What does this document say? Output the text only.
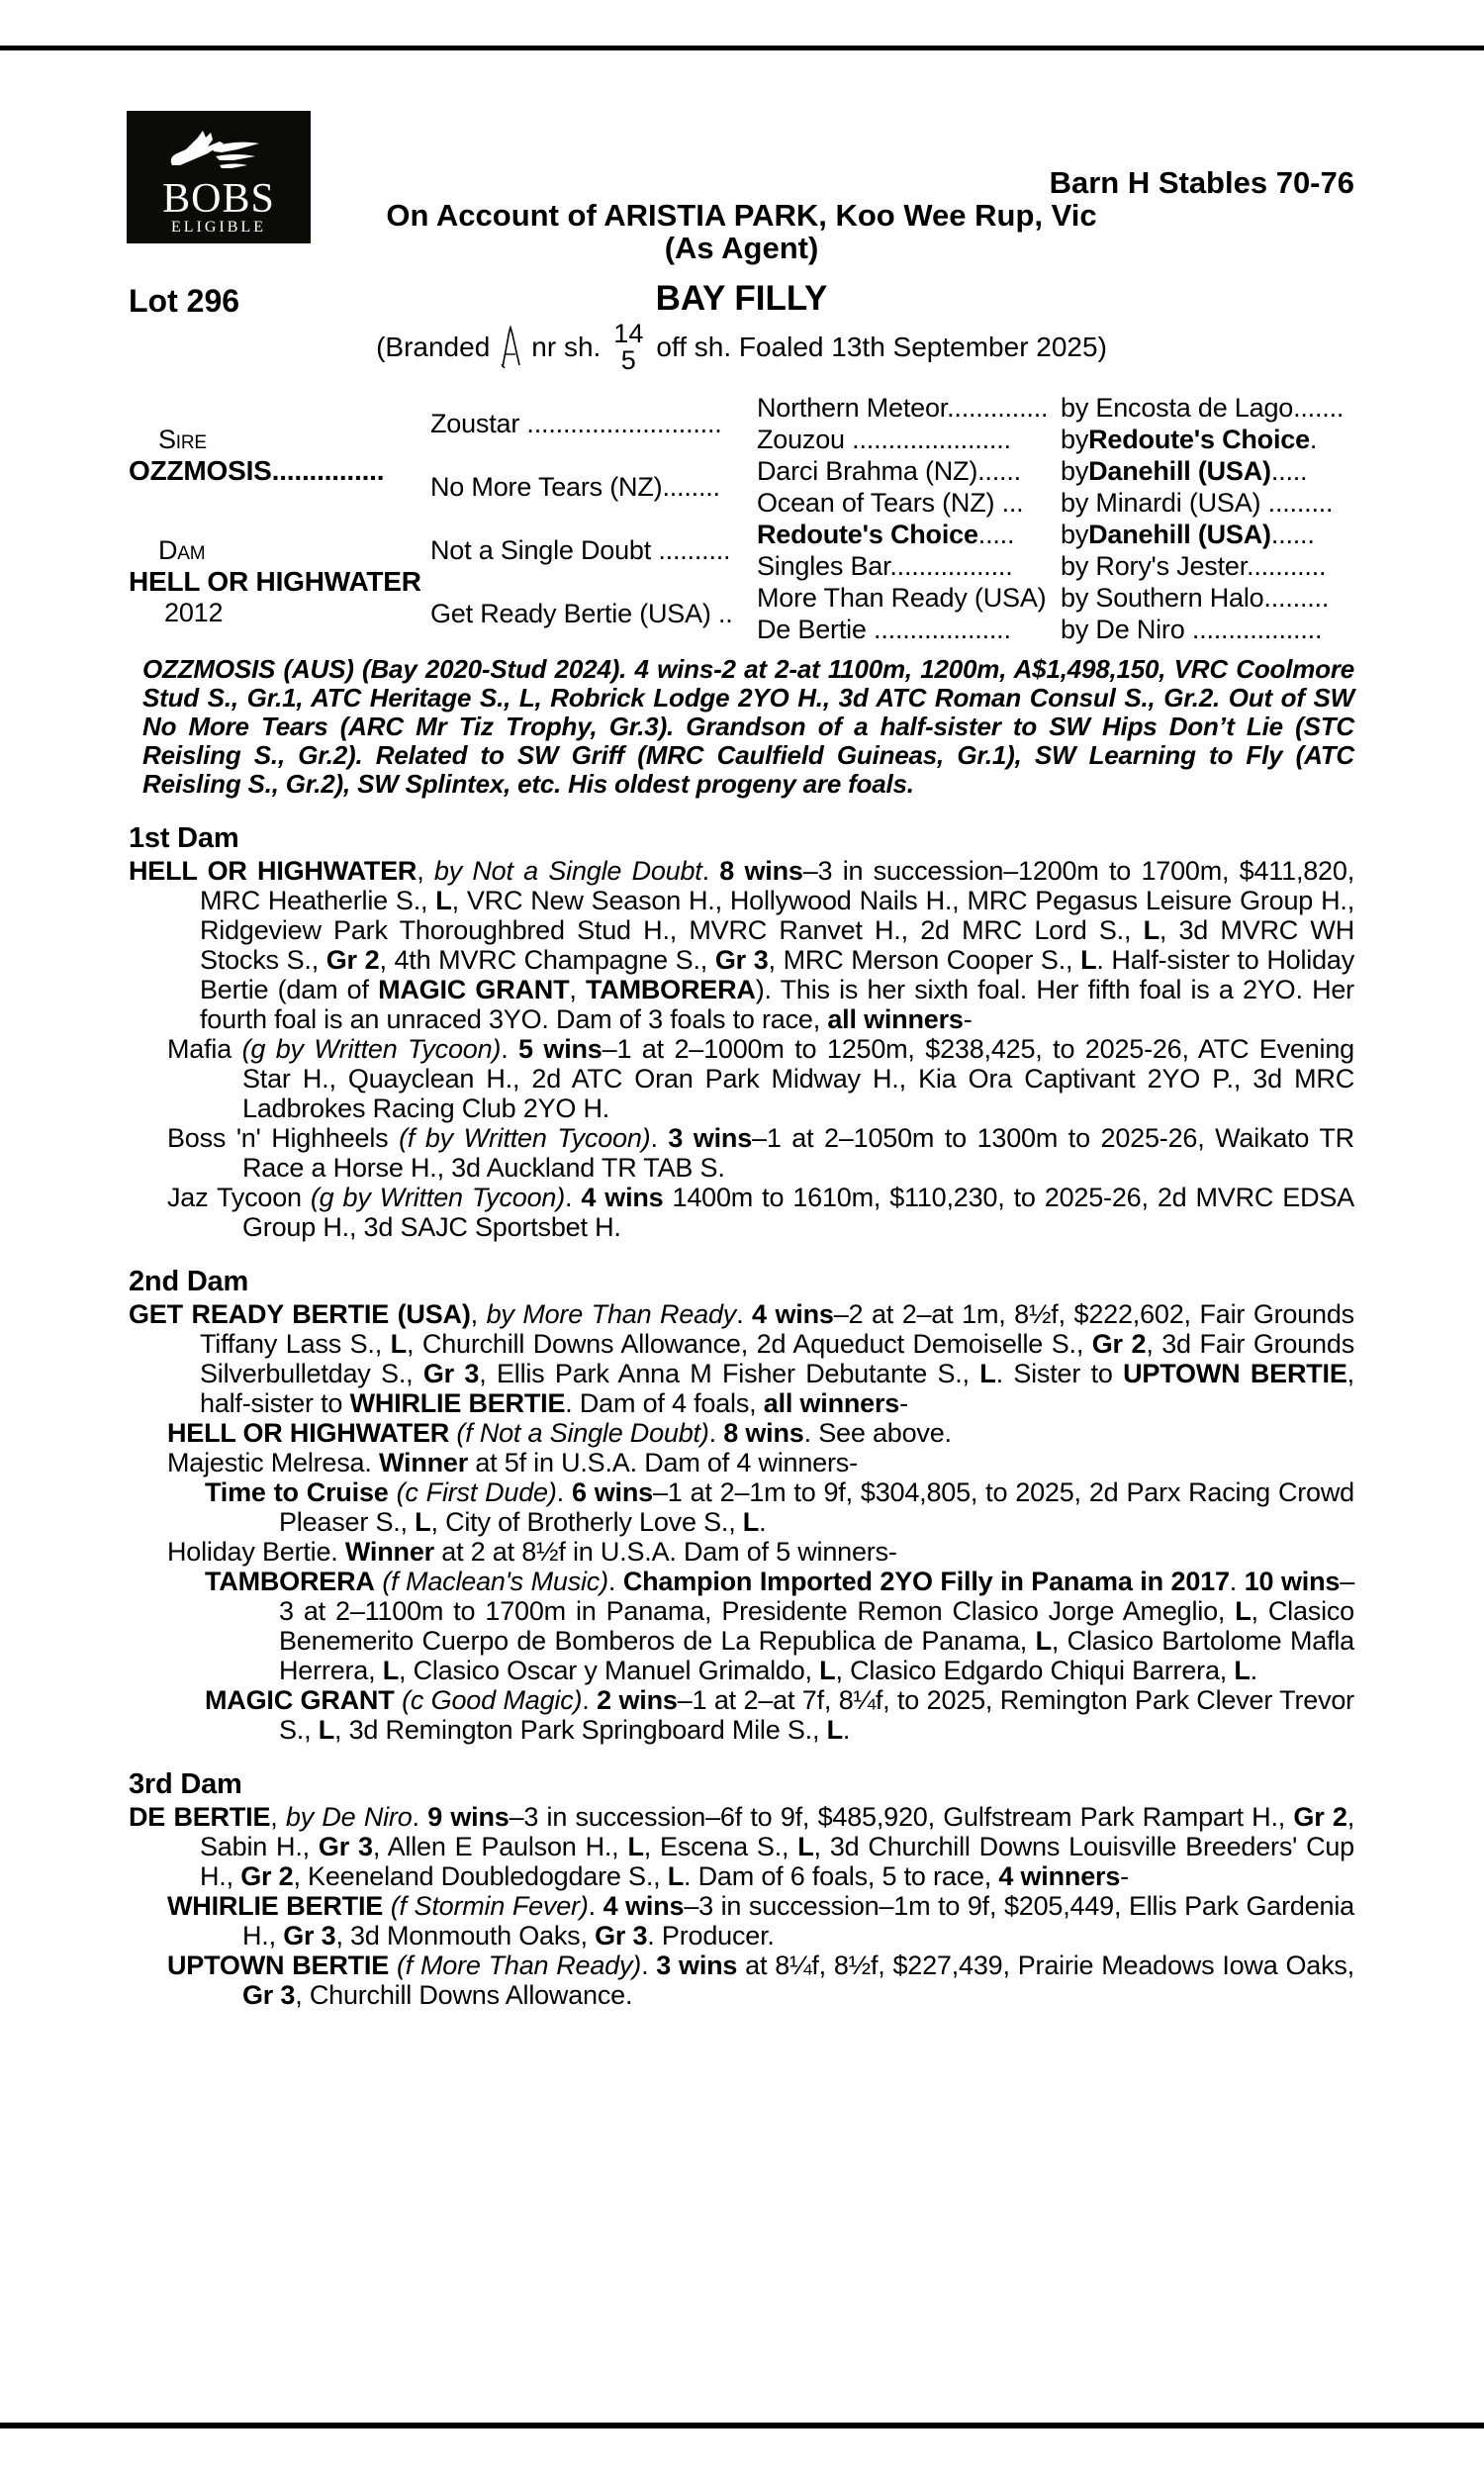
BOBS
ELIGIBLE
Barn H Stables 70-76
On Account of ARISTIA PARK, Koo Wee Rup, Vic
(As Agent)
Lot 296	BAY FILLY
(Branded nr sh. 14
5 off sh. Foaled 13th September 2025)
Sire
OZZMOSIS...............
Zoustar ...........................
No More Tears (NZ)........
Dam
HELL OR HIGHWATER
2012
Not a Single Doubt ..........
Get Ready Bertie (USA) ..
Northern Meteor.............. by Encosta de Lago.......
Zouzou ...................... by Redoute's Choice .
Darci Brahma (NZ)...... by Danehill (USA) .....
Ocean of Tears (NZ) ... by Minardi (USA) .........
Redoute's Choice ..... by Danehill (USA) ......
Singles Bar................. by Rory's Jester...........
More Than Ready (USA) by Southern Halo.........
De Bertie ................... by De Niro ..................

OZZMOSIS (AUS) (Bay 2020-Stud 2024). 4 wins-2 at 2-at 1100m, 1200m, A$1,498,150, VRC Coolmore Stud S., Gr.1, ATC Heritage S., L, Robrick Lodge 2YO H., 3d ATC Roman Consul S., Gr.2. Out of SW No More Tears (ARC Mr Tiz Trophy, Gr.3). Grandson of a half-sister to SW Hips Don’t Lie (STC Reisling S., Gr.2). Related to SW Griff (MRC Caulfield Guineas, Gr.1), SW Learning to Fly (ATC Reisling S., Gr.2), SW Splintex, etc. His oldest progeny are foals.

1st Dam

HELL OR HIGHWATER, by Not a Single Doubt. 8 wins–3 in succession–1200m to 1700m, $411,820, MRC Heatherlie S., L, VRC New Season H., Hollywood Nails H., MRC Pegasus Leisure Group H., Ridgeview Park Thoroughbred Stud H., MVRC Ranvet H., 2d MRC Lord S., L, 3d MVRC WH Stocks S., Gr 2, 4th MVRC Champagne S., Gr 3, MRC Merson Cooper S., L. Half-sister to Holiday Bertie (dam of MAGIC GRANT, TAMBORERA). This is her sixth foal. Her fifth foal is a 2YO. Her fourth foal is an unraced 3YO. Dam of 3 foals to race, all winners-

Mafia (g by Written Tycoon). 5 wins–1 at 2–1000m to 1250m, $238,425, to 2025-26, ATC Evening Star H., Quayclean H., 2d ATC Oran Park Midway H., Kia Ora Captivant 2YO P., 3d MRC Ladbrokes Racing Club 2YO H.

Boss 'n' Highheels (f by Written Tycoon). 3 wins–1 at 2–1050m to 1300m to 2025-26, Waikato TR Race a Horse H., 3d Auckland TR TAB S.

Jaz Tycoon (g by Written Tycoon). 4 wins 1400m to 1610m, $110,230, to 2025-26, 2d MVRC EDSA Group H., 3d SAJC Sportsbet H.

2nd Dam

GET READY BERTIE (USA), by More Than Ready. 4 wins–2 at 2–at 1m, 8½f, $222,602, Fair Grounds Tiffany Lass S., L, Churchill Downs Allowance, 2d Aqueduct Demoiselle S., Gr 2, 3d Fair Grounds Silverbulletday S., Gr 3, Ellis Park Anna M Fisher Debutante S., L. Sister to UPTOWN BERTIE, half-sister to WHIRLIE BERTIE. Dam of 4 foals, all winners-

HELL OR HIGHWATER (f Not a Single Doubt). 8 wins. See above.

Majestic Melresa. Winner at 5f in U.S.A. Dam of 4 winners-

Time to Cruise (c First Dude). 6 wins–1 at 2–1m to 9f, $304,805, to 2025, 2d Parx Racing Crowd Pleaser S., L, City of Brotherly Love S., L.

Holiday Bertie. Winner at 2 at 8½f in U.S.A. Dam of 5 winners-

TAMBORERA (f Maclean's Music). Champion Imported 2YO Filly in Panama in 2017. 10 wins–3 at 2–1100m to 1700m in Panama, Presidente Remon Clasico Jorge Ameglio, L, Clasico Benemerito Cuerpo de Bomberos de La Republica de Panama, L, Clasico Bartolome Mafla Herrera, L, Clasico Oscar y Manuel Grimaldo, L, Clasico Edgardo Chiqui Barrera, L.

MAGIC GRANT (c Good Magic). 2 wins–1 at 2–at 7f, 8¼f, to 2025, Remington Park Clever Trevor S., L, 3d Remington Park Springboard Mile S., L.

3rd Dam

DE BERTIE, by De Niro. 9 wins–3 in succession–6f to 9f, $485,920, Gulfstream Park Rampart H., Gr 2, Sabin H., Gr 3, Allen E Paulson H., L, Escena S., L, 3d Churchill Downs Louisville Breeders' Cup H., Gr 2, Keeneland Doubledogdare S., L. Dam of 6 foals, 5 to race, 4 winners-

WHIRLIE BERTIE (f Stormin Fever). 4 wins–3 in succession–1m to 9f, $205,449, Ellis Park Gardenia H., Gr 3, 3d Monmouth Oaks, Gr 3. Producer.

UPTOWN BERTIE (f More Than Ready). 3 wins at 8¼f, 8½f, $227,439, Prairie Meadows Iowa Oaks, Gr 3, Churchill Downs Allowance.
